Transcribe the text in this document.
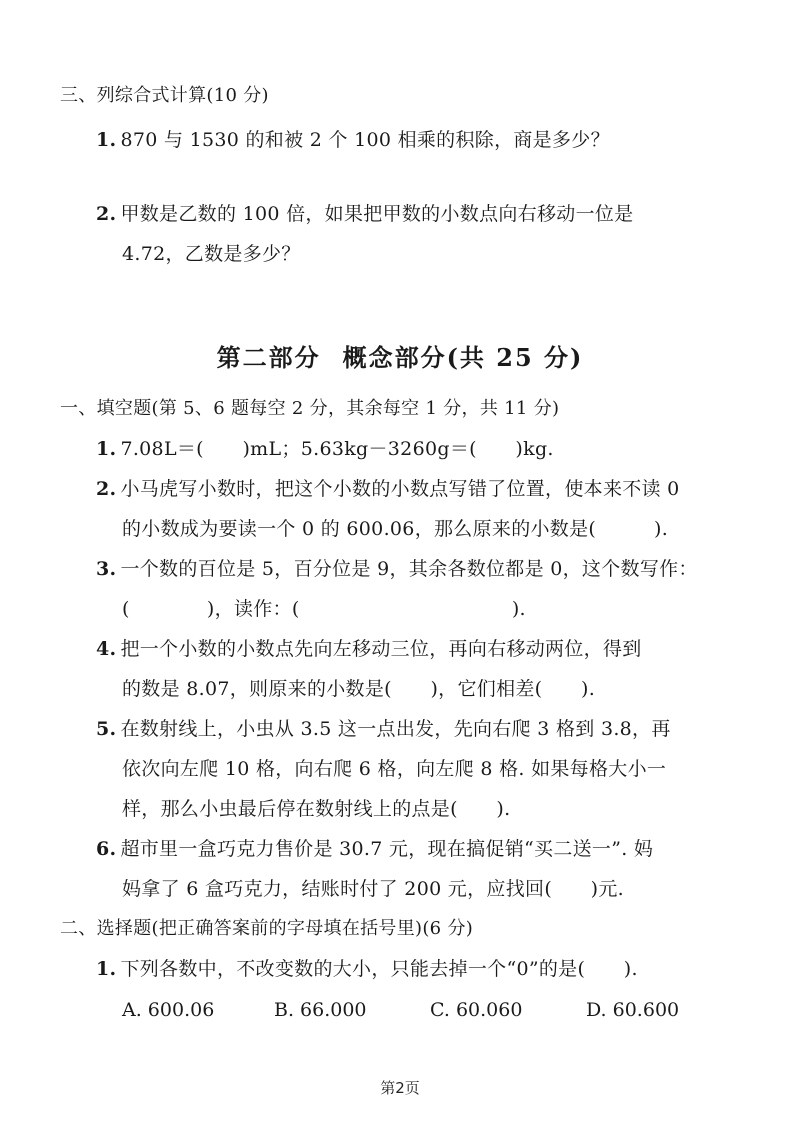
三、列综合式计算(10 分)
1. 870 与 1530 的和被 2 个 100 相乘的积除，商是多少？
2. 甲数是乙数的 100 倍，如果把甲数的小数点向右移动一位是
4.72，乙数是多少？
第二部分 概念部分(共 25 分)
一、填空题(第 5、6 题每空 2 分，其余每空 1 分，共 11 分)
1. 7.08L＝(　　)mL；5.63kg－3260g＝(　　)kg.
2. 小马虎写小数时，把这个小数的小数点写错了位置，使本来不读 0
的小数成为要读一个 0 的 600.06，那么原来的小数是(　　　).
3. 一个数的百位是 5，百分位是 9，其余各数位都是 0，这个数写作：
(　　　　)，读作：(　　　　　　　　　　　).
4. 把一个小数的小数点先向左移动三位，再向右移动两位，得到
的数是 8.07，则原来的小数是(　　)，它们相差(　　).
5. 在数射线上，小虫从 3.5 这一点出发，先向右爬 3 格到 3.8，再
依次向左爬 10 格，向右爬 6 格，向左爬 8 格. 如果每格大小一
样，那么小虫最后停在数射线上的点是(　　).
6. 超市里一盒巧克力售价是 30.7 元，现在搞促销“买二送一”. 妈
妈拿了 6 盒巧克力，结账时付了 200 元，应找回(　　)元.
二、选择题(把正确答案前的字母填在括号里)(6 分)
1. 下列各数中，不改变数的大小，只能去掉一个“0”的是(　　).
A. 600.06	B. 66.000	C. 60.060	D. 60.600
第2页
